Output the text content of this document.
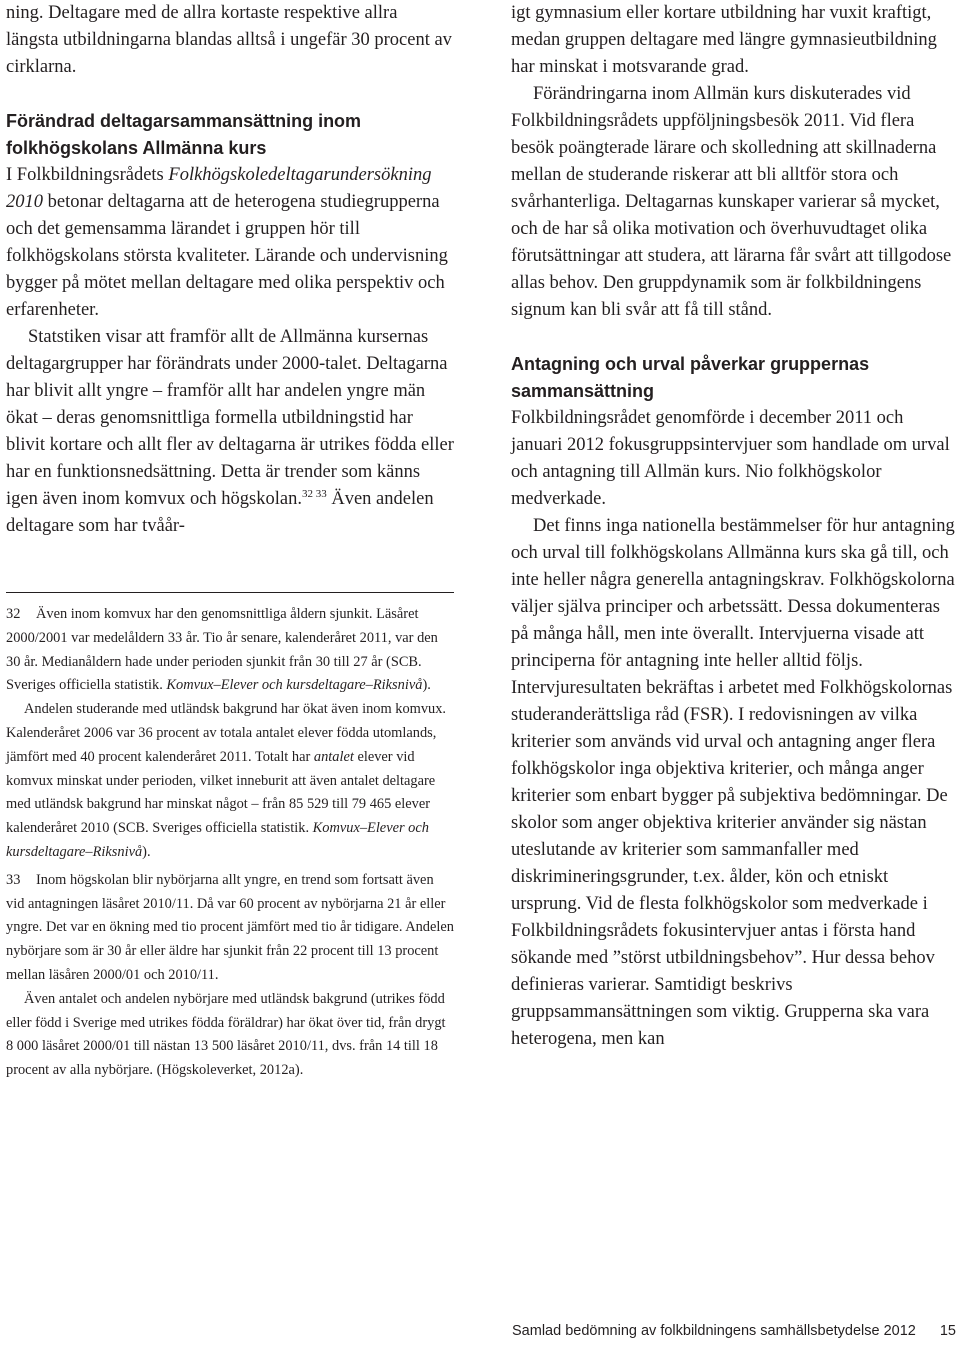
ning. Deltagare med de allra kortaste respektive allra längsta utbildningarna blandas alltså i ungefär 30 procent av cirklarna.

Förändrad deltagarsammansättning inom folkhögskolans Allmänna kurs

I Folkbildningsrådets Folkhögskoledeltagarundersökning 2010 betonar deltagarna att de heterogena studiegrupperna och det gemensamma lärandet i gruppen hör till folkhögskolans största kvaliteter. Lärande och undervisning bygger på mötet mellan deltagare med olika perspektiv och erfarenheter.

Statstiken visar att framför allt de Allmänna kursernas deltagargrupper har förändrats under 2000-talet. Deltagarna har blivit allt yngre – framför allt har andelen yngre män ökat – deras genomsnittliga formella utbildningstid har blivit kortare och allt fler av deltagarna är utrikes födda eller har en funktionsnedsättning. Detta är trender som känns igen även inom komvux och högskolan.$^{32 33}$ Även andelen deltagare som har tvåår-

32 Även inom komvux har den genomsnittliga åldern sjunkit. Läsåret 2000/2001 var medelåldern 33 år. Tio år senare, kalenderåret 2011, var den 30 år. Medianåldern hade under perioden sjunkit från 30 till 27 år (SCB. Sveriges officiella statistik. Komvux–Elever och kursdeltagare–Riksnivå).

Andelen studerande med utländsk bakgrund har ökat även inom komvux. Kalenderåret 2006 var 36 procent av totala antalet elever födda utomlands, jämfört med 40 procent kalenderåret 2011. Totalt har antalet elever vid komvux minskat under perioden, vilket inneburit att även antalet deltagare med utländsk bakgrund har minskat något – från 85 529 till 79 465 elever kalenderåret 2010 (SCB. Sveriges officiella statistik. Komvux–Elever och kursdeltagare–Riksnivå).

33 Inom högskolan blir nybörjarna allt yngre, en trend som fortsatt även vid antagningen läsåret 2010/11. Då var 60 procent av nybörjarna 21 år eller yngre. Det var en ökning med tio procent jämfört med tio år tidigare. Andelen nybörjare som är 30 år eller äldre har sjunkit från 22 procent till 13 procent mellan läsåren 2000/01 och 2010/11.

Även antalet och andelen nybörjare med utländsk bakgrund (utrikes född eller född i Sverige med utrikes födda föräldrar) har ökat över tid, från drygt 8 000 läsåret 2000/01 till nästan 13 500 läsåret 2010/11, dvs. från 14 till 18 procent av alla nybörjare. (Högskoleverket, 2012a).

igt gymnasium eller kortare utbildning har vuxit kraftigt, medan gruppen deltagare med längre gymnasieutbildning har minskat i motsvarande grad.

Förändringarna inom Allmän kurs diskuterades vid Folkbildningsrådets uppföljningsbesök 2011. Vid flera besök poängterade lärare och skolledning att skillnaderna mellan de studerande riskerar att bli alltför stora och svårhanterliga. Deltagarnas kunskaper varierar så mycket, och de har så olika motivation och överhuvudtaget olika förutsättningar att studera, att lärarna får svårt att tillgodose allas behov. Den gruppdynamik som är folkbildningens signum kan bli svår att få till stånd.

Antagning och urval påverkar gruppernas sammansättning

Folkbildningsrådet genomförde i december 2011 och januari 2012 fokusgruppsintervjuer som handlade om urval och antagning till Allmän kurs. Nio folkhögskolor medverkade.

Det finns inga nationella bestämmelser för hur antagning och urval till folkhögskolans Allmänna kurs ska gå till, och inte heller några generella antagningskrav. Folkhögskolorna väljer själva principer och arbetssätt. Dessa dokumenteras på många håll, men inte överallt. Intervjuerna visade att principerna för antagning inte heller alltid följs. Intervjuresultaten bekräftas i arbetet med Folkhögskolornas studeranderättsliga råd (FSR). I redovisningen av vilka kriterier som används vid urval och antagning anger flera folkhögskolor inga objektiva kriterier, och många anger kriterier som enbart bygger på subjektiva bedömningar. De skolor som anger objektiva kriterier använder sig nästan uteslutande av kriterier som sammanfaller med diskrimineringsgrunder, t.ex. ålder, kön och etniskt ursprung. Vid de flesta folkhögskolor som medverkade i Folkbildningsrådets fokusintervjuer antas i första hand sökande med ”störst utbildningsbehov”. Hur dessa behov definieras varierar. Samtidigt beskrivs gruppsammansättningen som viktig. Grupperna ska vara heterogena, men kan

Samlad bedömning av folkbildningens samhällsbetydelse 2012 15
